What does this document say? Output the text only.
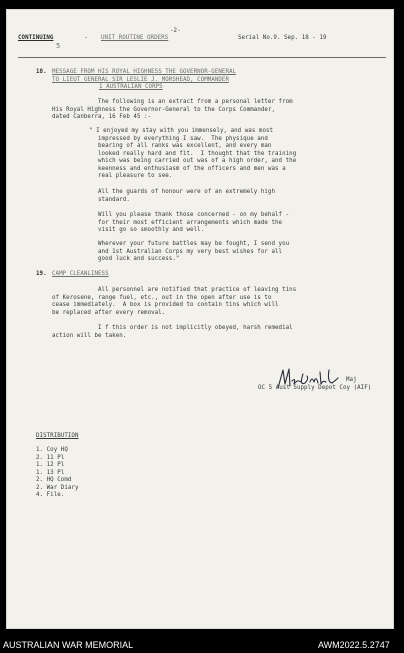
CONTINUING	- UNIT ROUTINE ORDERS
-2-
Serial No.9. Sep. 18 - 19
5
18. MESSAGE FROM HIS ROYAL HIGHNESS THE GOVERNOR-GENERAL
TO LIEUT GENERAL SIR LESLIE J. MORSHEAD, COMMANDER
1 AUSTRALIAN CORPS
The following is an extract from a personal letter from
His Royal Highness the Governor-General to the Corps Commander,
dated Canberra, 16 Feb 45 :-
" I enjoyed my stay with you immensely, and was most
impressed by everything I saw.  The physique and
bearing of all ranks was excellent, and every man
looked really hard and fit.  I thought that the training
which was being carried out was of a high order, and the
keenness and enthusiasm of the officers and men was a
real pleasure to see.
All the guards of honour were of an extremely high
standard.
Will you please thank those concerned - on my behalf -
for their most efficient arrangements which made the
visit go so smoothly and well.
Wherever your future battles may be fought, I send you
and 1st Australian Corps my very best wishes for all
good luck and success."
19. CAMP CLEANLINESS
All personnel are notified that practice of leaving tins
of Kerosene, range fuel, etc., out in the open after use is to
cease immediately.  A box is provided to contain tins which will
be replaced after every removal.
I f this order is not implicitly obeyed, harsh remedial
action will be taken.
Maj
OC 5 Aust Supply Depot Coy (AIF)
DISTRIBUTION
1. Coy HQ
2. 11 Pl
1. 12 Pl
1. 13 Pl
2. HQ Comd
2. War Diary
4. File.
AUSTRALIAN WAR MEMORIAL	AWM2022.5.2747
